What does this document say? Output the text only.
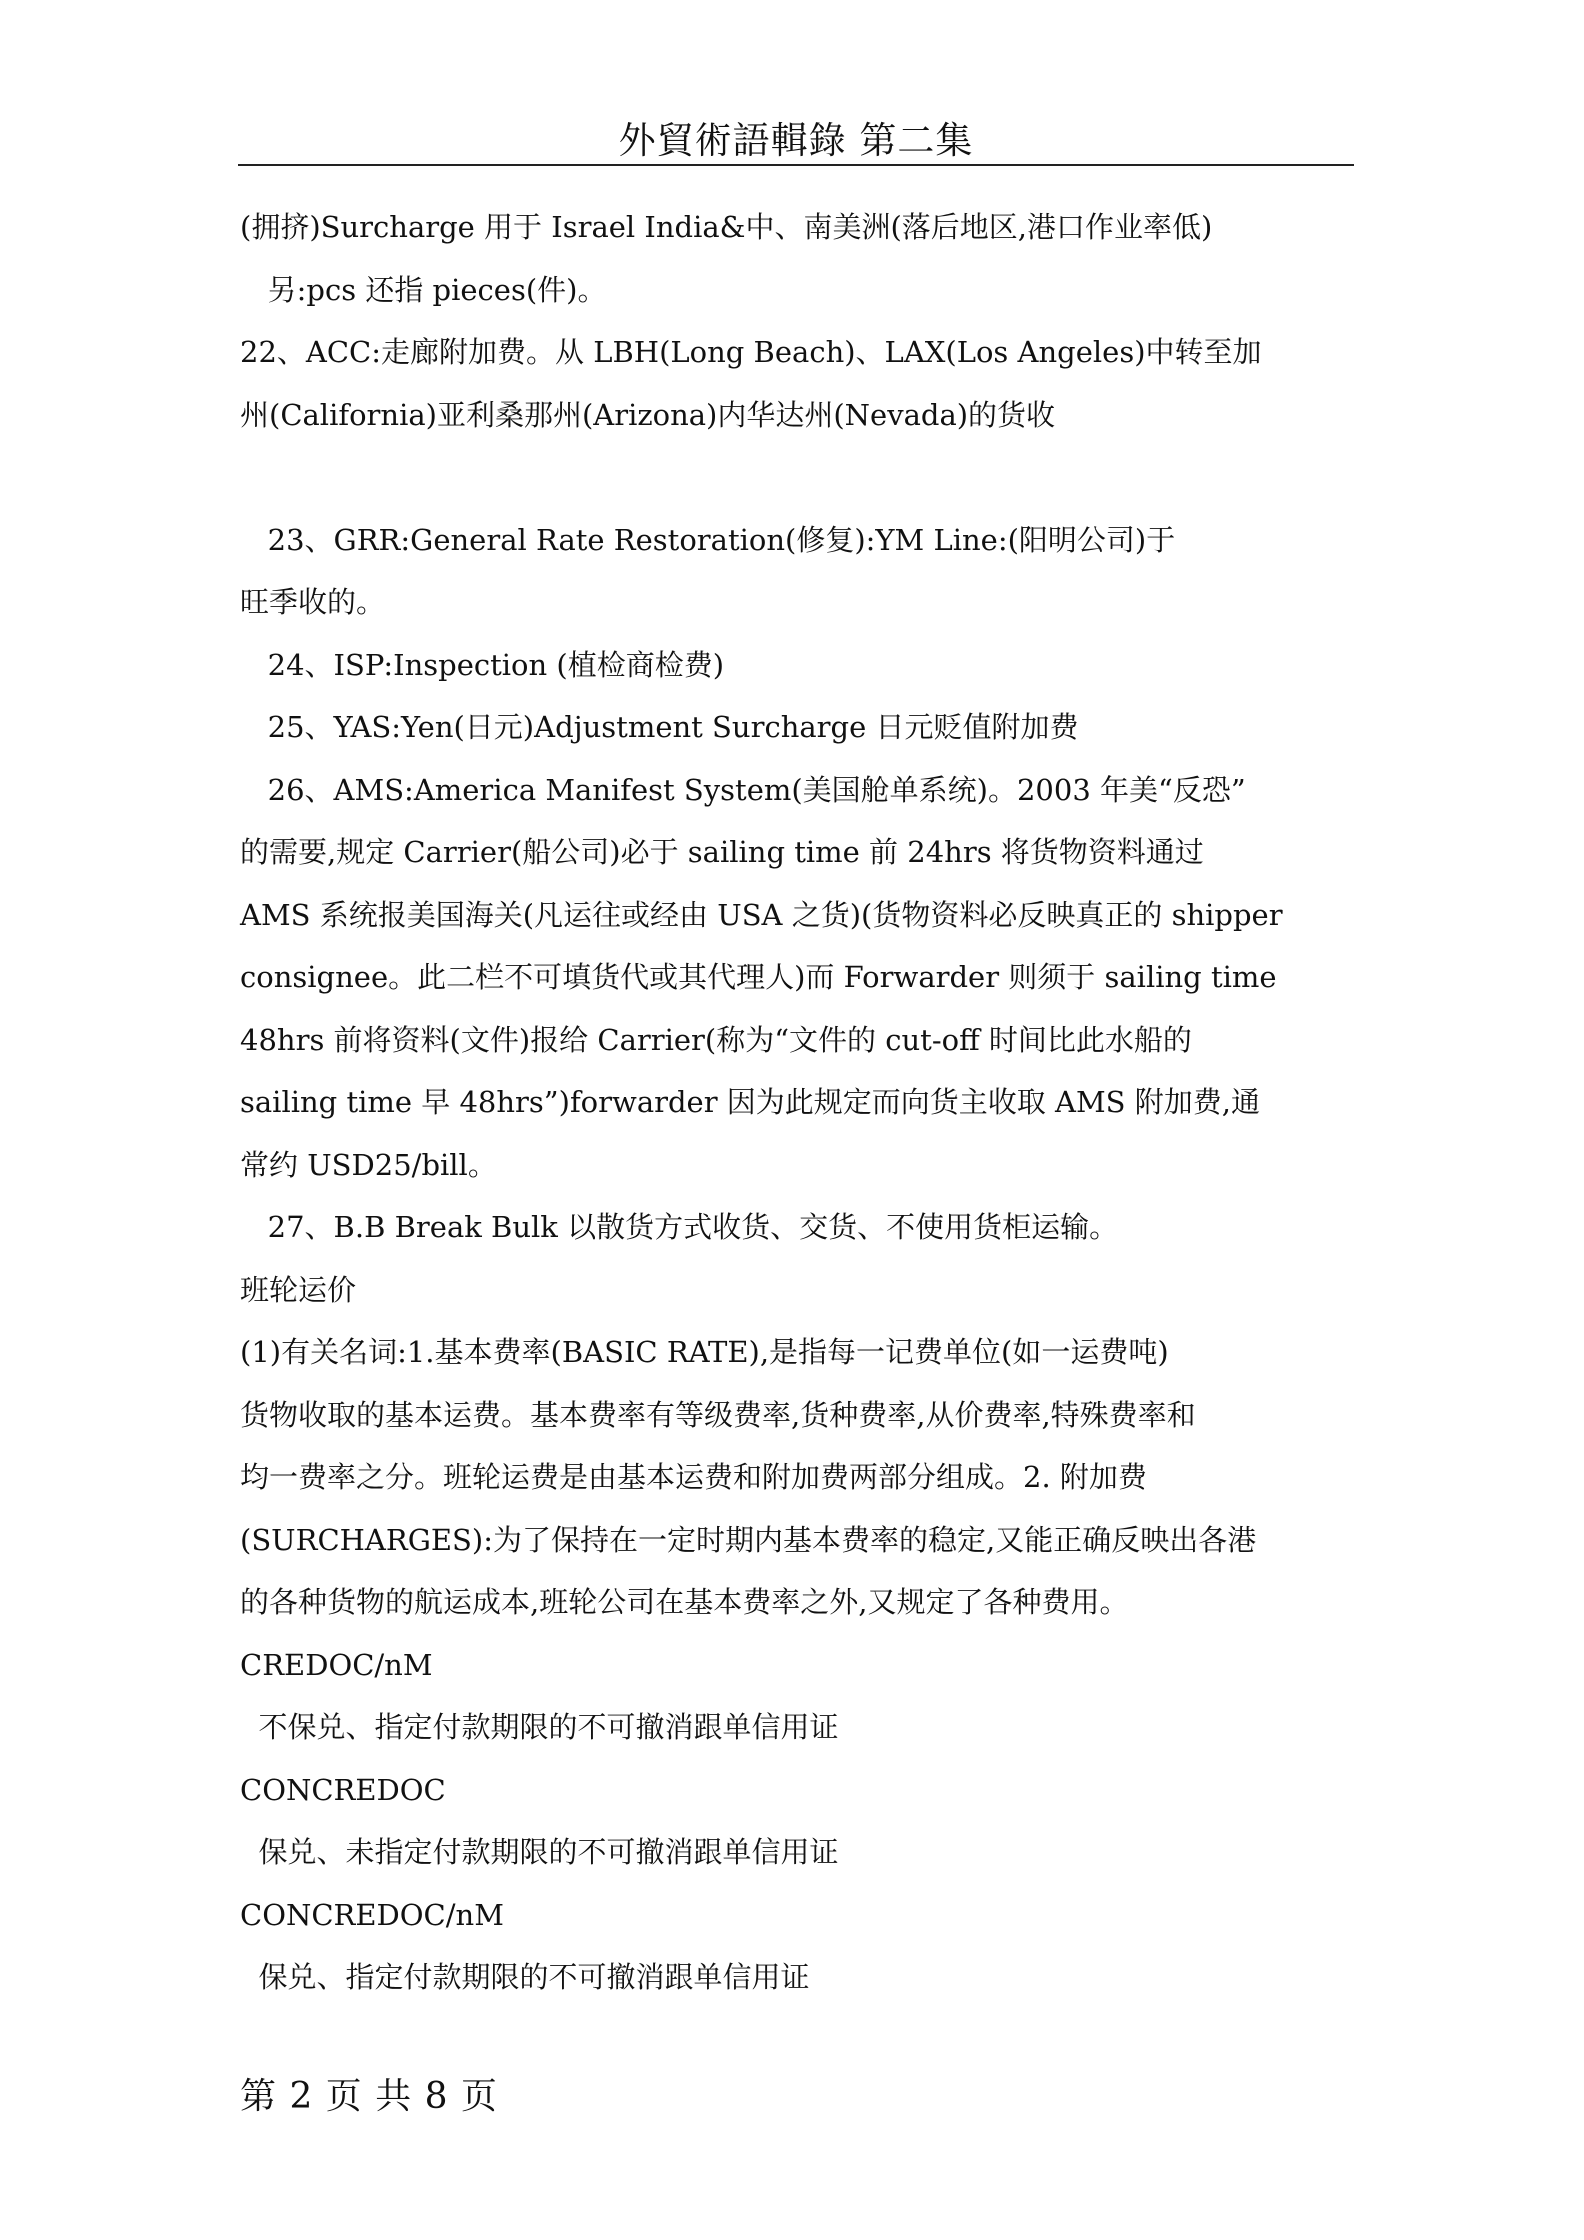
外貿術語輯錄 第二集

(拥挤)Surcharge 用于 Israel India&中、南美洲(落后地区,港口作业率低)

另:pcs 还指 pieces(件)。

22、ACC:走廊附加费。从 LBH(Long Beach)、LAX(Los Angeles)中转至加

州(California)亚利桑那州(Arizona)内华达州(Nevada)的货收

23、GRR:General Rate Restoration(修复):YM Line:(阳明公司)于

旺季收的。

24、ISP:Inspection (植检商检费)

25、YAS:Yen(日元)Adjustment Surcharge 日元贬值附加费

26、AMS:America Manifest System(美国舱单系统)。2003 年美“反恐”

的需要,规定 Carrier(船公司)必于 sailing time 前 24hrs 将货物资料通过

AMS 系统报美国海关(凡运往或经由 USA 之货)(货物资料必反映真正的 shipper

consignee。此二栏不可填货代或其代理人)而 Forwarder 则须于 sailing time

48hrs 前将资料(文件)报给 Carrier(称为“文件的 cut-off 时间比此水船的

sailing time 早 48hrs”)forwarder 因为此规定而向货主收取 AMS 附加费,通

常约 USD25/bill。

27、B.B Break Bulk 以散货方式收货、交货、不使用货柜运输。

班轮运价

(1)有关名词:1.基本费率(BASIC RATE),是指每一记费单位(如一运费吨)

货物收取的基本运费。基本费率有等级费率,货种费率,从价费率,特殊费率和

均一费率之分。班轮运费是由基本运费和附加费两部分组成。2. 附加费

(SURCHARGES):为了保持在一定时期内基本费率的稳定,又能正确反映出各港

的各种货物的航运成本,班轮公司在基本费率之外,又规定了各种费用。

CREDOC/nM

不保兑、指定付款期限的不可撤消跟单信用证

CONCREDOC

保兑、未指定付款期限的不可撤消跟单信用证

CONCREDOC/nM

保兑、指定付款期限的不可撤消跟单信用证

第 2 页 共 8 页
